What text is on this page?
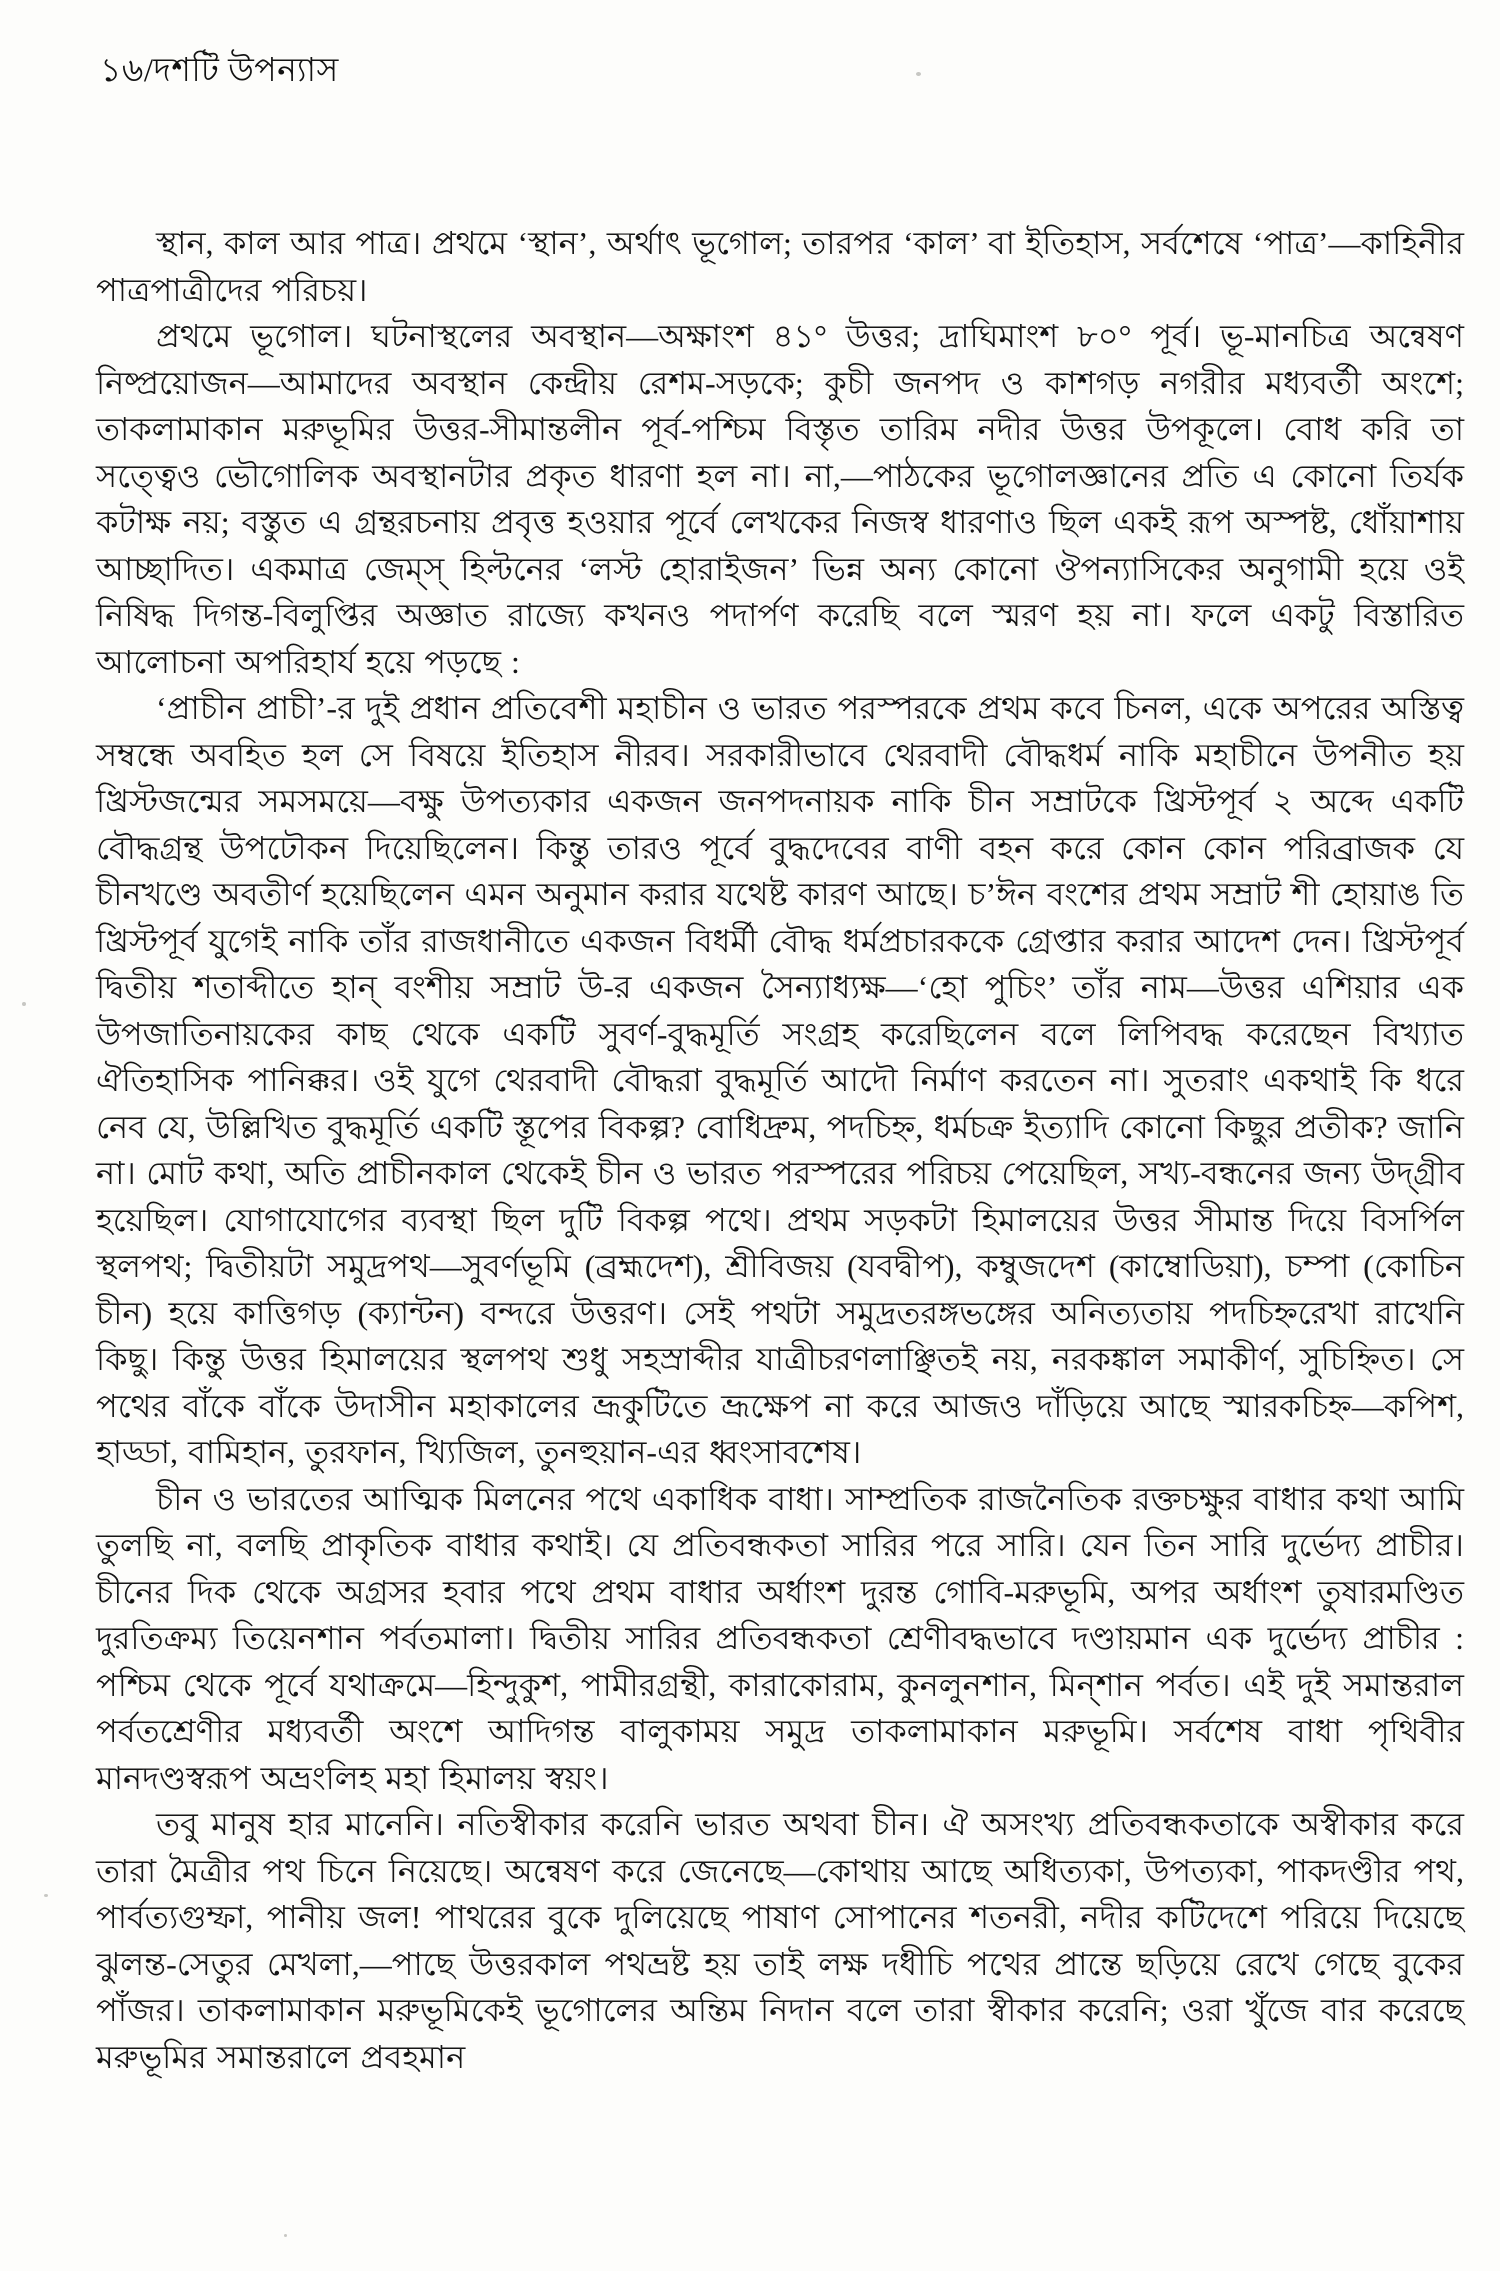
১৬/দশটি উপন্যাস

স্থান, কাল আর পাত্র। প্রথমে ‘স্থান’, অর্থাৎ ভূগোল; তারপর ‘কাল’ বা ইতিহাস, সর্বশেষে ‘পাত্র’—কাহিনীর পাত্রপাত্রীদের পরিচয়।

প্রথমে ভূগোল। ঘটনাস্থলের অবস্থান—অক্ষাংশ ৪১° উত্তর; দ্রাঘিমাংশ ৮০° পূর্ব। ভূ-মানচিত্র অন্বেষণ নিষ্প্রয়োজন—আমাদের অবস্থান কেন্দ্রীয় রেশম-সড়কে; কুচী জনপদ ও কাশগড় নগরীর মধ্যবর্তী অংশে; তাকলামাকান মরুভূমির উত্তর-সীমান্তলীন পূর্ব-পশ্চিম বিস্তৃত তারিম নদীর উত্তর উপকূলে। বোধ করি তা সত্ত্বেও ভৌগোলিক অবস্থানটার প্রকৃত ধারণা হল না। না,—পাঠকের ভূগোলজ্ঞানের প্রতি এ কোনো তির্যক কটাক্ষ নয়; বস্তুত এ গ্রন্থরচনায় প্রবৃত্ত হওয়ার পূর্বে লেখকের নিজস্ব ধারণাও ছিল একই রূপ অস্পষ্ট, ধোঁয়াশায় আচ্ছাদিত। একমাত্র জেম্‌স্‌ হিল্টনের ‘লস্ট হোরাইজন’ ভিন্ন অন্য কোনো ঔপন্যাসিকের অনুগামী হয়ে ওই নিষিদ্ধ দিগন্ত-বিলুপ্তির অজ্ঞাত রাজ্যে কখনও পদার্পণ করেছি বলে স্মরণ হয় না। ফলে একটু বিস্তারিত আলোচনা অপরিহার্য হয়ে পড়ছে :

‘প্রাচীন প্রাচী’-র দুই প্রধান প্রতিবেশী মহাচীন ও ভারত পরস্পরকে প্রথম কবে চিনল, একে অপরের অস্তিত্ব সম্বন্ধে অবহিত হল সে বিষয়ে ইতিহাস নীরব। সরকারীভাবে থেরবাদী বৌদ্ধধর্ম নাকি মহাচীনে উপনীত হয় খ্রিস্টজন্মের সমসময়ে—বক্ষু উপত্যকার একজন জনপদনায়ক নাকি চীন সম্রাটকে খ্রিস্টপূর্ব ২ অব্দে একটি বৌদ্ধগ্রন্থ উপঢৌকন দিয়েছিলেন। কিন্তু তারও পূর্বে বুদ্ধদেবের বাণী বহন করে কোন কোন পরিব্রাজক যে চীনখণ্ডে অবতীর্ণ হয়েছিলেন এমন অনুমান করার যথেষ্ট কারণ আছে। চ’ঈন বংশের প্রথম সম্রাট শী হোয়াঙ তি খ্রিস্টপূর্ব যুগেই নাকি তাঁর রাজধানীতে একজন বিধর্মী বৌদ্ধ ধর্মপ্রচারককে গ্রেপ্তার করার আদেশ দেন। খ্রিস্টপূর্ব দ্বিতীয় শতাব্দীতে হান্‌ বংশীয় সম্রাট উ-র একজন সৈন্যাধ্যক্ষ—‘হো পুচিং’ তাঁর নাম—উত্তর এশিয়ার এক উপজাতিনায়কের কাছ থেকে একটি সুবর্ণ-বুদ্ধমূর্তি সংগ্রহ করেছিলেন বলে লিপিবদ্ধ করেছেন বিখ্যাত ঐতিহাসিক পানিক্কর। ওই যুগে থেরবাদী বৌদ্ধরা বুদ্ধমূর্তি আদৌ নির্মাণ করতেন না। সুতরাং একথাই কি ধরে নেব যে, উল্লিখিত বুদ্ধমূর্তি একটি স্তূপের বিকল্প? বোধিদ্রুম, পদচিহ্ন, ধর্মচক্র ইত্যাদি কোনো কিছুর প্রতীক? জানি না। মোট কথা, অতি প্রাচীনকাল থেকেই চীন ও ভারত পরস্পরের পরিচয় পেয়েছিল, সখ্য-বন্ধনের জন্য উদ্‌গ্রীব হয়েছিল। যোগাযোগের ব্যবস্থা ছিল দুটি বিকল্প পথে। প্রথম সড়কটা হিমালয়ের উত্তর সীমান্ত দিয়ে বিসর্পিল স্থলপথ; দ্বিতীয়টা সমুদ্রপথ—সুবর্ণভূমি (ব্রহ্মদেশ), শ্রীবিজয় (যবদ্বীপ), কম্বুজদেশ (কাম্বোডিয়া), চম্পা (কোচিন চীন) হয়ে কাত্তিগড় (ক্যান্টন) বন্দরে উত্তরণ। সেই পথটা সমুদ্রতরঙ্গভঙ্গের অনিত্যতায় পদচিহ্নরেখা রাখেনি কিছু। কিন্তু উত্তর হিমালয়ের স্থলপথ শুধু সহস্রাব্দীর যাত্রীচরণলাঞ্ছিতই নয়, নরকঙ্কাল সমাকীর্ণ, সুচিহ্নিত। সে পথের বাঁকে বাঁকে উদাসীন মহাকালের ভ্রূকুটিতে ভ্রূক্ষেপ না করে আজও দাঁড়িয়ে আছে স্মারকচিহ্ন—কপিশ, হাড্ডা, বামিহান, তুরফান, খ্যিজিল, তুনহুয়ান-এর ধ্বংসাবশেষ।

চীন ও ভারতের আত্মিক মিলনের পথে একাধিক বাধা। সাম্প্রতিক রাজনৈতিক রক্তচক্ষুর বাধার কথা আমি তুলছি না, বলছি প্রাকৃতিক বাধার কথাই। যে প্রতিবন্ধকতা সারির পরে সারি। যেন তিন সারি দুর্ভেদ্য প্রাচীর। চীনের দিক থেকে অগ্রসর হবার পথে প্রথম বাধার অর্ধাংশ দুরন্ত গোবি-মরুভূমি, অপর অর্ধাংশ তুষারমণ্ডিত দুরতিক্রম্য তিয়েনশান পর্বতমালা। দ্বিতীয় সারির প্রতিবন্ধকতা শ্রেণীবদ্ধভাবে দণ্ডায়মান এক দুর্ভেদ্য প্রাচীর : পশ্চিম থেকে পূর্বে যথাক্রমে—হিন্দুকুশ, পামীরগ্রন্থী, কারাকোরাম, কুনলুনশান, মিন্‌শান পর্বত। এই দুই সমান্তরাল পর্বতশ্রেণীর মধ্যবর্তী অংশে আদিগন্ত বালুকাময় সমুদ্র তাকলামাকান মরুভূমি। সর্বশেষ বাধা পৃথিবীর মানদণ্ডস্বরূপ অভ্রংলিহ মহা হিমালয় স্বয়ং।

তবু মানুষ হার মানেনি। নতিস্বীকার করেনি ভারত অথবা চীন। ঐ অসংখ্য প্রতিবন্ধকতাকে অস্বীকার করে তারা মৈত্রীর পথ চিনে নিয়েছে। অন্বেষণ করে জেনেছে—কোথায় আছে অধিত্যকা, উপত্যকা, পাকদণ্ডীর পথ, পার্বত্যগুম্ফা, পানীয় জল! পাথরের বুকে দুলিয়েছে পাষাণ সোপানের শতনরী, নদীর কটিদেশে পরিয়ে দিয়েছে ঝুলন্ত-সেতুর মেখলা,—পাছে উত্তরকাল পথভ্রষ্ট হয় তাই লক্ষ দধীচি পথের প্রান্তে ছড়িয়ে রেখে গেছে বুকের পাঁজর। তাকলামাকান মরুভূমিকেই ভূগোলের অন্তিম নিদান বলে তারা স্বীকার করেনি; ওরা খুঁজে বার করেছে মরুভূমির সমান্তরালে প্রবহমান
